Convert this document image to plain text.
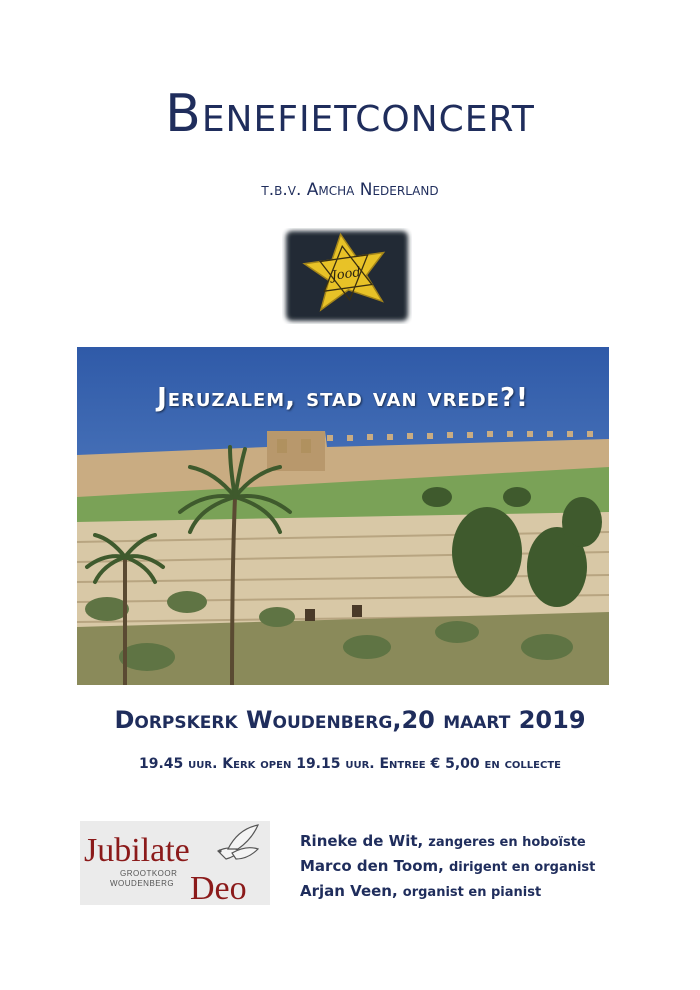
Benefietconcert
t.b.v. Amcha Nederland
Jood
Jeruzalem, stad van vrede?!
Dorpskerk Woudenberg,20 maart 2019
19.45 uur. Kerk open 19.15 uur. Entree € 5,00 en collecte
Jubilate
GROOTKOOR
WOUDENBERG Deo
Rineke de Wit, zangeres en hoboïste
Marco den Toom, dirigent en organist
Arjan Veen, organist en pianist
